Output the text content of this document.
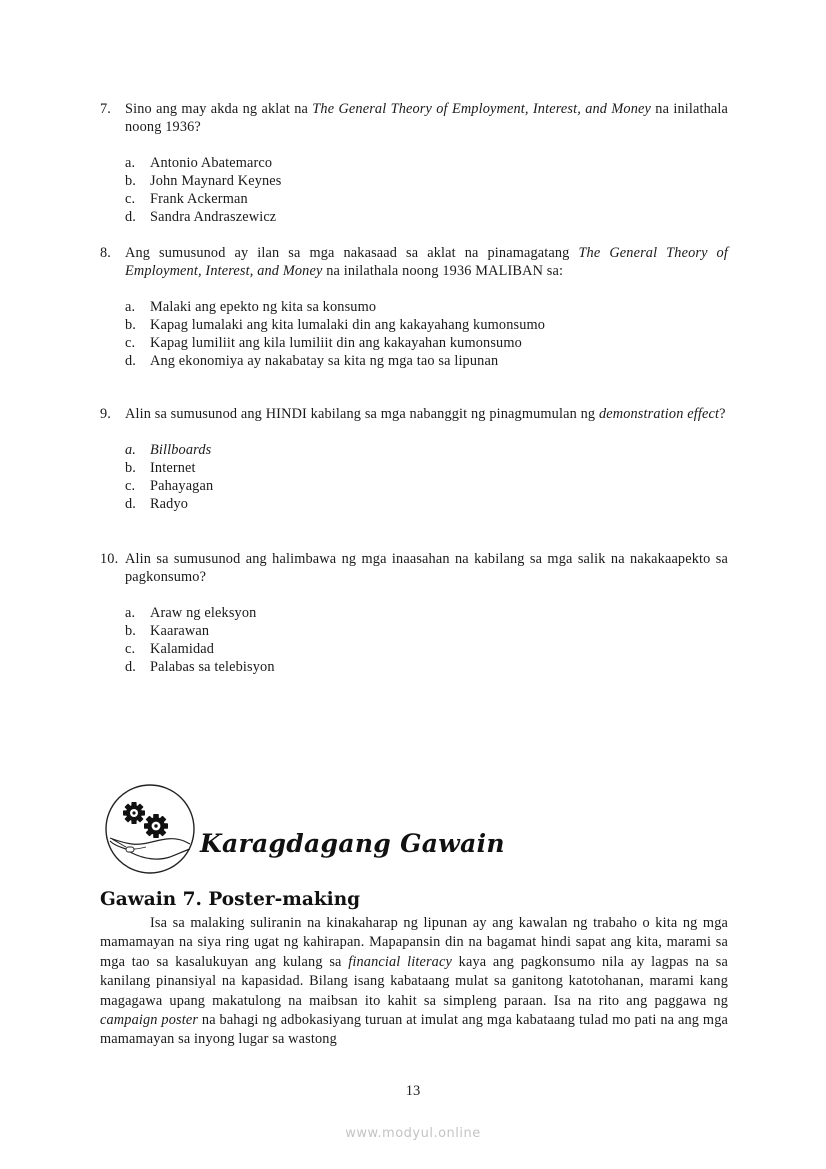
7. Sino ang may akda ng aklat na The General Theory of Employment, Interest, and Money na inilathala noong 1936?
a.	Antonio Abatemarco
b. John Maynard Keynes
c.	Frank Ackerman
d. Sandra Andraszewicz
8. Ang sumusunod ay ilan sa mga nakasaad sa aklat na pinamagatang The General Theory of Employment, Interest, and Money na inilathala noong 1936 MALIBAN sa:
a.	Malaki ang epekto ng kita sa konsumo
b. Kapag lumalaki ang kita lumalaki din ang kakayahang kumonsumo
c.	Kapag lumiliit ang kila lumiliit din ang kakayahan kumonsumo
d. Ang ekonomiya ay nakabatay sa kita ng mga tao sa lipunan
9. Alin sa sumusunod ang HINDI kabilang sa mga nabanggit ng pinagmumulan ng demonstration effect?
a. Billboards
b. Internet
c.	Pahayagan
d. Radyo
10. Alin sa sumusunod ang halimbawa ng mga inaasahan na kabilang sa mga salik na nakakaapekto sa pagkonsumo?
a.	Araw ng eleksyon
b. Kaarawan
c.	Kalamidad
d. Palabas sa telebisyon
Karagdagang Gawain
Gawain 7. Poster-making
Isa sa malaking suliranin na kinakaharap ng lipunan ay ang kawalan ng trabaho o kita ng mga mamamayan na siya ring ugat ng kahirapan. Mapapansin din na bagamat hindi sapat ang kita, marami sa mga tao sa kasalukuyan ang kulang sa financial literacy kaya ang pagkonsumo nila ay lagpas na sa kanilang pinansiyal na kapasidad. Bilang isang kabataang mulat sa ganitong katotohanan, marami kang magagawa upang makatulong na maibsan ito kahit sa simpleng paraan. Isa na rito ang paggawa ng campaign poster na bahagi ng adbokasiyang turuan at imulat ang mga kabataang tulad mo pati na ang mga mamamayan sa inyong lugar sa wastong
13
www.modyul.online
